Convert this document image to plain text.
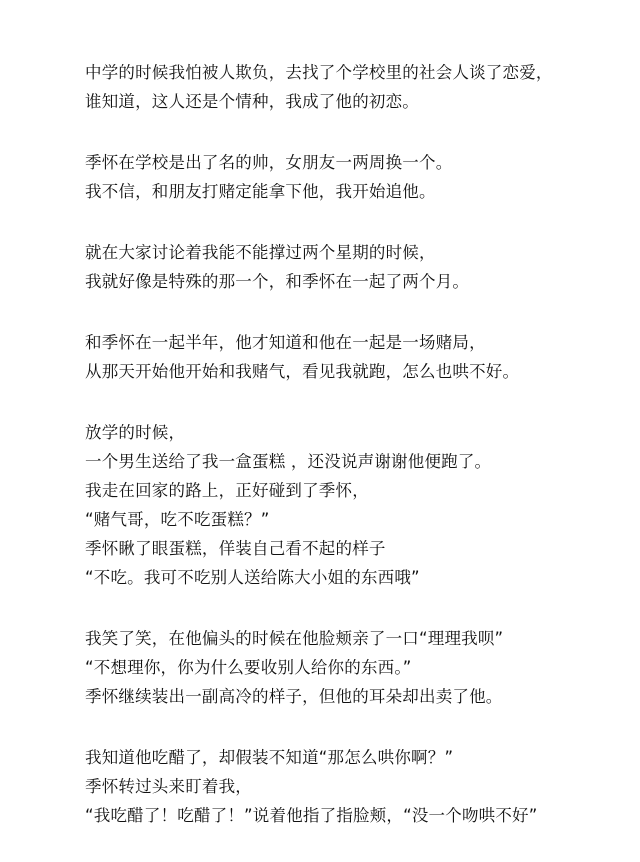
中学的时候我怕被人欺负，去找了个学校里的社会人谈了恋爱，
谁知道，这人还是个情种，我成了他的初恋。
季怀在学校是出了名的帅，女朋友一两周换一个。
我不信，和朋友打赌定能拿下他，我开始追他。
就在大家讨论着我能不能撑过两个星期的时候，
我就好像是特殊的那一个，和季怀在一起了两个月。
和季怀在一起半年，他才知道和他在一起是一场赌局，
从那天开始他开始和我赌气，看见我就跑，怎么也哄不好。
放学的时候，
一个男生送给了我一盒蛋糕 ，还没说声谢谢他便跑了。
我走在回家的路上，正好碰到了季怀，
“赌气哥，吃不吃蛋糕？”
季怀瞅了眼蛋糕，佯装自己看不起的样子
“不吃。我可不吃别人送给陈大小姐的东西哦”
我笑了笑，在他偏头的时候在他脸颊亲了一口“理理我呗”
“不想理你，你为什么要收别人给你的东西。”
季怀继续装出一副高冷的样子，但他的耳朵却出卖了他。
我知道他吃醋了，却假装不知道“那怎么哄你啊？”
季怀转过头来盯着我，
“我吃醋了！吃醋了！”说着他指了指脸颊，“没一个吻哄不好”
